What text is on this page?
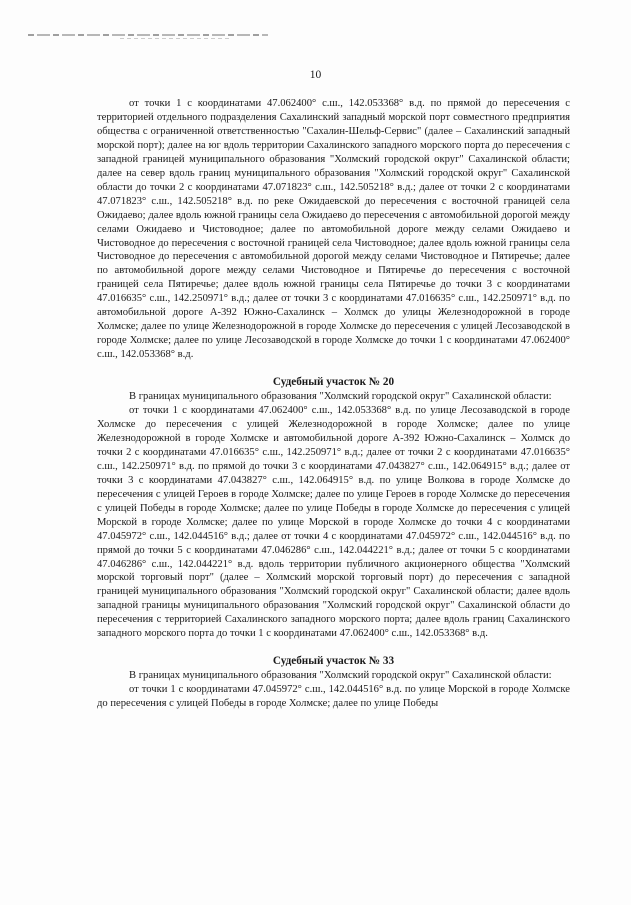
10

от точки 1 с координатами 47.062400° с.ш., 142.053368° в.д. по прямой до пересечения с территорией отдельного подразделения Сахалинский западный морской порт совместного предприятия общества с ограниченной ответственностью "Сахалин-Шельф-Сервис" (далее – Сахалинский западный морской порт); далее на юг вдоль территории Сахалинского западного морского порта до пересечения с западной границей муниципального образования "Холмский городской округ" Сахалинской области; далее на север вдоль границ муниципального образования "Холмский городской округ" Сахалинской области до точки 2 с координатами 47.071823° с.ш., 142.505218° в.д.; далее от точки 2 с координатами 47.071823° с.ш., 142.505218° в.д. по реке Ожидаевской до пересечения с восточной границей села Ожидаево; далее вдоль южной границы села Ожидаево до пересечения с автомобильной дорогой между селами Ожидаево и Чистоводное; далее по автомобильной дороге между селами Ожидаево и Чистоводное до пересечения с восточной границей села Чистоводное; далее вдоль южной границы села Чистоводное до пересечения с автомобильной дорогой между селами Чистоводное и Пятиречье; далее по автомобильной дороге между селами Чистоводное и Пятиречье до пересечения с восточной границей села Пятиречье; далее вдоль южной границы села Пятиречье до точки 3 с координатами 47.016635° с.ш., 142.250971° в.д.; далее от точки 3 с координатами 47.016635° с.ш., 142.250971° в.д. по автомобильной дороге А-392 Южно-Сахалинск – Холмск до улицы Железнодорожной в городе Холмске; далее по улице Железнодорожной в городе Холмске до пересечения с улицей Лесозаводской в городе Холмске; далее по улице Лесозаводской в городе Холмске до точки 1 с координатами 47.062400° с.ш., 142.053368° в.д.

Судебный участок № 20

В границах муниципального образования "Холмский городской округ" Сахалинской области:

от точки 1 с координатами 47.062400° с.ш., 142.053368° в.д. по улице Лесозаводской в городе Холмске до пересечения с улицей Железнодорожной в городе Холмске; далее по улице Железнодорожной в городе Холмске и автомобильной дороге А-392 Южно-Сахалинск – Холмск до точки 2 с координатами 47.016635° с.ш., 142.250971° в.д.; далее от точки 2 с координатами 47.016635° с.ш., 142.250971° в.д. по прямой до точки 3 с координатами 47.043827° с.ш., 142.064915° в.д.; далее от точки 3 с координатами 47.043827° с.ш., 142.064915° в.д. по улице Волкова в городе Холмске до пересечения с улицей Героев в городе Холмске; далее по улице Героев в городе Холмске до пересечения с улицей Победы в городе Холмске; далее по улице Победы в городе Холмске до пересечения с улицей Морской в городе Холмске; далее по улице Морской в городе Холмске до точки 4 с координатами 47.045972° с.ш., 142.044516° в.д.; далее от точки 4 с координатами 47.045972° с.ш., 142.044516° в.д. по прямой до точки 5 с координатами 47.046286° с.ш., 142.044221° в.д.; далее от точки 5 с координатами 47.046286° с.ш., 142.044221° в.д. вдоль территории публичного акционерного общества "Холмский морской торговый порт" (далее – Холмский морской торговый порт) до пересечения с западной границей муниципального образования "Холмский городской округ" Сахалинской области; далее вдоль западной границы муниципального образования "Холмский городской округ" Сахалинской области до пересечения с территорией Сахалинского западного морского порта; далее вдоль границ Сахалинского западного морского порта до точки 1 с координатами 47.062400° с.ш., 142.053368° в.д.

Судебный участок № 33

В границах муниципального образования "Холмский городской округ" Сахалинской области:

от точки 1 с координатами 47.045972° с.ш., 142.044516° в.д. по улице Морской в городе Холмске до пересечения с улицей Победы в городе Холмске; далее по улице Победы
